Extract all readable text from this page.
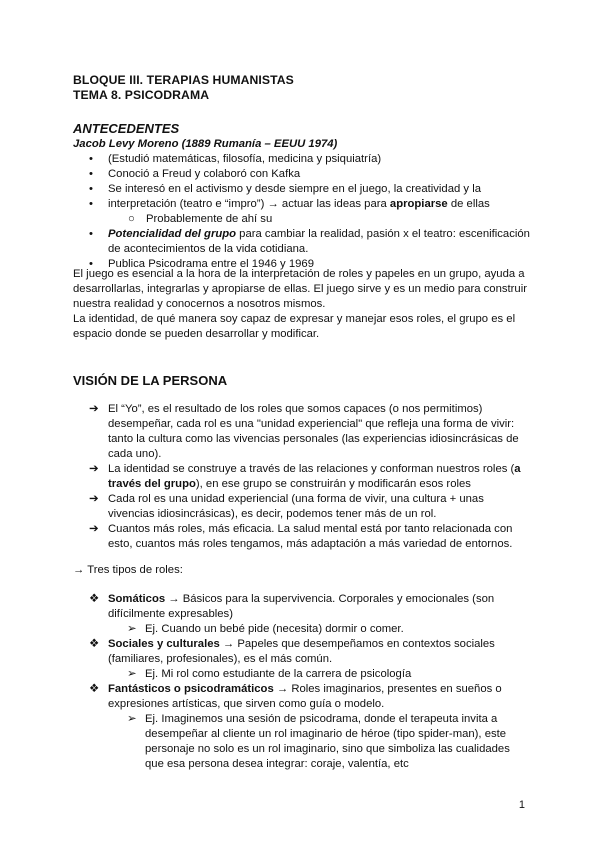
BLOQUE III. TERAPIAS HUMANISTAS
TEMA 8. PSICODRAMA
ANTECEDENTES
Jacob Levy Moreno (1889 Rumanía – EEUU 1974)
•	(Estudió matemáticas, filosofía, medicina y psiquiatría)
•	Conoció a Freud y colaboró con Kafka
•	Se interesó en el activismo y desde siempre en el juego, la creatividad y la
•	interpretación (teatro e “impro”) → actuar las ideas para apropiarse de ellas
○ Probablemente de ahí su
•	Potencialidad del grupo para cambiar la realidad, pasión x el teatro: escenificación de acontecimientos de la vida cotidiana.
•	Publica Psicodrama entre el 1946 y 1969
El juego es esencial a la hora de la interpretación de roles y papeles en un grupo, ayuda a desarrollarlas, integrarlas y apropiarse de ellas. El juego sirve y es un medio para construir nuestra realidad y conocernos a nosotros mismos.
La identidad, de qué manera soy capaz de expresar y manejar esos roles, el grupo es el espacio donde se pueden desarrollar y modificar.
VISIÓN DE LA PERSONA
➔ El “Yo”, es el resultado de los roles que somos capaces (o nos permitimos) desempeñar, cada rol es una "unidad experiencial" que refleja una forma de vivir: tanto la cultura como las vivencias personales (las experiencias idiosincrásicas de cada uno).
➔ La identidad se construye a través de las relaciones y conforman nuestros roles (a través del grupo), en ese grupo se construirán y modificarán esos roles
➔ Cada rol es una unidad experiencial (una forma de vivir, una cultura + unas vivencias idiosincrásicas), es decir, podemos tener más de un rol.
➔ Cuantos más roles, más eficacia. La salud mental está por tanto relacionada con esto, cuantos más roles tengamos, más adaptación a más variedad de entornos.
→ Tres tipos de roles:
❖ Somáticos → Básicos para la supervivencia. Corporales y emocionales (son difícilmente expresables)
➢ Ej. Cuando un bebé pide (necesita) dormir o comer.
❖ Sociales y culturales → Papeles que desempeñamos en contextos sociales (familiares, profesionales), es el más común.
➢ Ej. Mi rol como estudiante de la carrera de psicología
❖ Fantásticos o psicodramáticos → Roles imaginarios, presentes en sueños o expresiones artísticas, que sirven como guía o modelo.
➢ Ej. Imaginemos una sesión de psicodrama, donde el terapeuta invita a desempeñar al cliente un rol imaginario de héroe (tipo spider-man), este personaje no solo es un rol imaginario, sino que simboliza las cualidades que esa persona desea integrar: coraje, valentía, etc
1
